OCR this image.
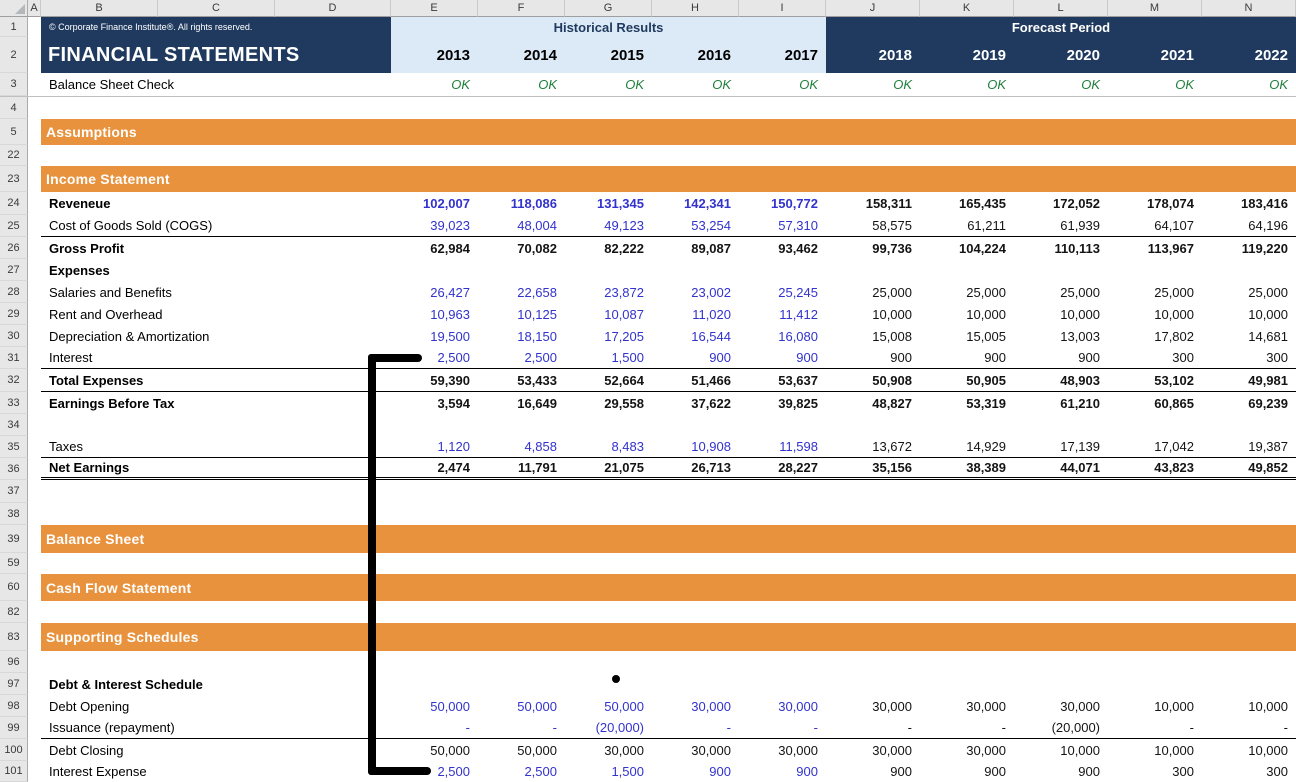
A	B	C	D	E	F	G	H	I	J	K	L	M	N
1	© Corporate Finance Institute®. All rights reserved.	Historical Results	Forecast Period
2	FINANCIAL STATEMENTS	2013	2014	2015	2016	2017	2018	2019	2020	2021	2022
3	Balance Sheet Check	OK	OK	OK	OK	OK	OK	OK	OK	OK	OK
4
5	Assumptions
22
23	Income Statement
24	Reveneue	102,007	118,086	131,345	142,341	150,772	158,311	165,435	172,052	178,074	183,416
25	Cost of Goods Sold (COGS)	39,023	48,004	49,123	53,254	57,310	58,575	61,211	61,939	64,107	64,196
26	Gross Profit	62,984	70,082	82,222	89,087	93,462	99,736	104,224	110,113	113,967	119,220
27	Expenses
28	Salaries and Benefits	26,427	22,658	23,872	23,002	25,245	25,000	25,000	25,000	25,000	25,000
29	Rent and Overhead	10,963	10,125	10,087	11,020	11,412	10,000	10,000	10,000	10,000	10,000
30	Depreciation & Amortization	19,500	18,150	17,205	16,544	16,080	15,008	15,005	13,003	17,802	14,681
31	Interest	2,500	2,500	1,500	900	900	900	900	900	300	300
32	Total Expenses	59,390	53,433	52,664	51,466	53,637	50,908	50,905	48,903	53,102	49,981
33	Earnings Before Tax	3,594	16,649	29,558	37,622	39,825	48,827	53,319	61,210	60,865	69,239
34
35	Taxes	1,120	4,858	8,483	10,908	11,598	13,672	14,929	17,139	17,042	19,387
36	Net Earnings	2,474	11,791	21,075	26,713	28,227	35,156	38,389	44,071	43,823	49,852
37
38
39	Balance Sheet
59
60	Cash Flow Statement
82
83	Supporting Schedules
96
97	Debt & Interest Schedule
98	Debt Opening	50,000	50,000	50,000	30,000	30,000	30,000	30,000	30,000	10,000	10,000
99	Issuance (repayment)	-	-	(20,000)	-	-	-	-	(20,000)	-	-
100	Debt Closing	50,000	50,000	30,000	30,000	30,000	30,000	30,000	10,000	10,000	10,000
101	Interest Expense	2,500	2,500	1,500	900	900	900	900	900	300	300
